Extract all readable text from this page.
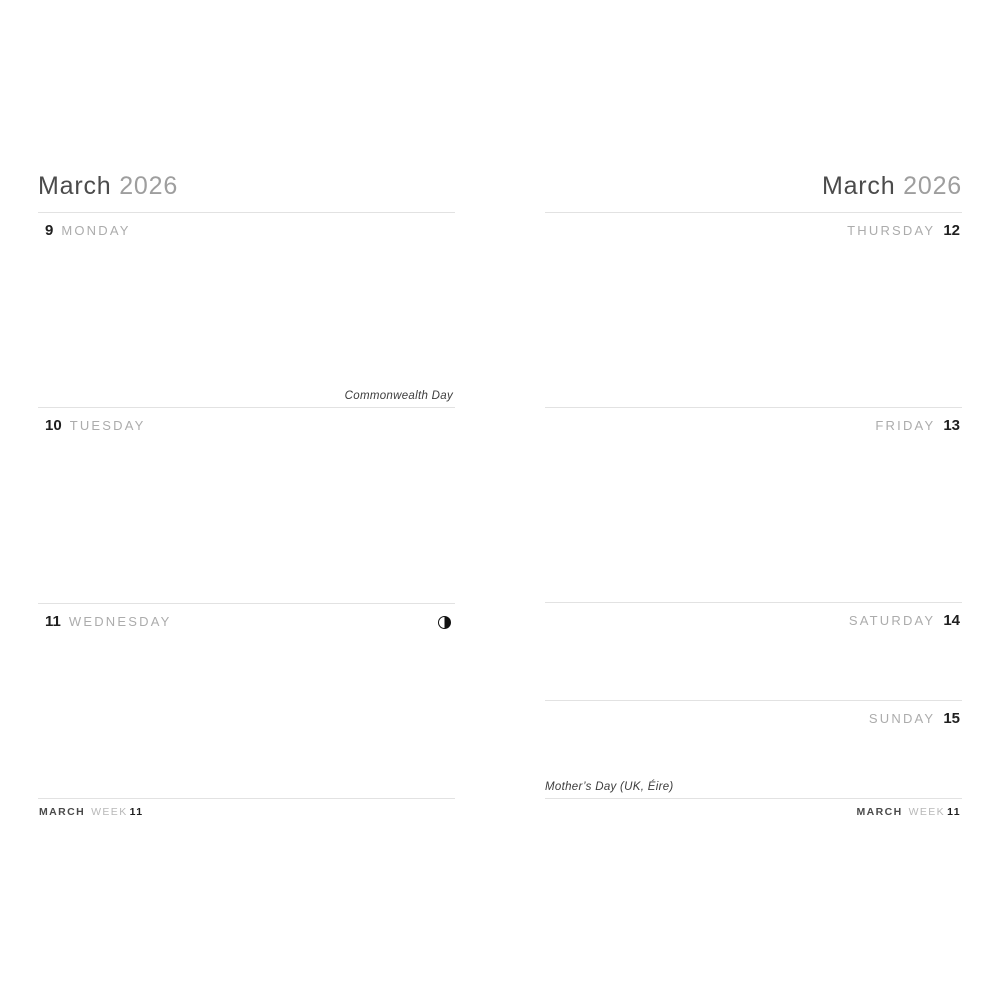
March 2026
9 MONDAY
Commonwealth Day
10 TUESDAY
11 WEDNESDAY
MARCH WEEK 11
March 2026
THURSDAY 12
FRIDAY 13
SATURDAY 14
SUNDAY 15
Mother’s Day (UK, Éire)
MARCH WEEK 11
